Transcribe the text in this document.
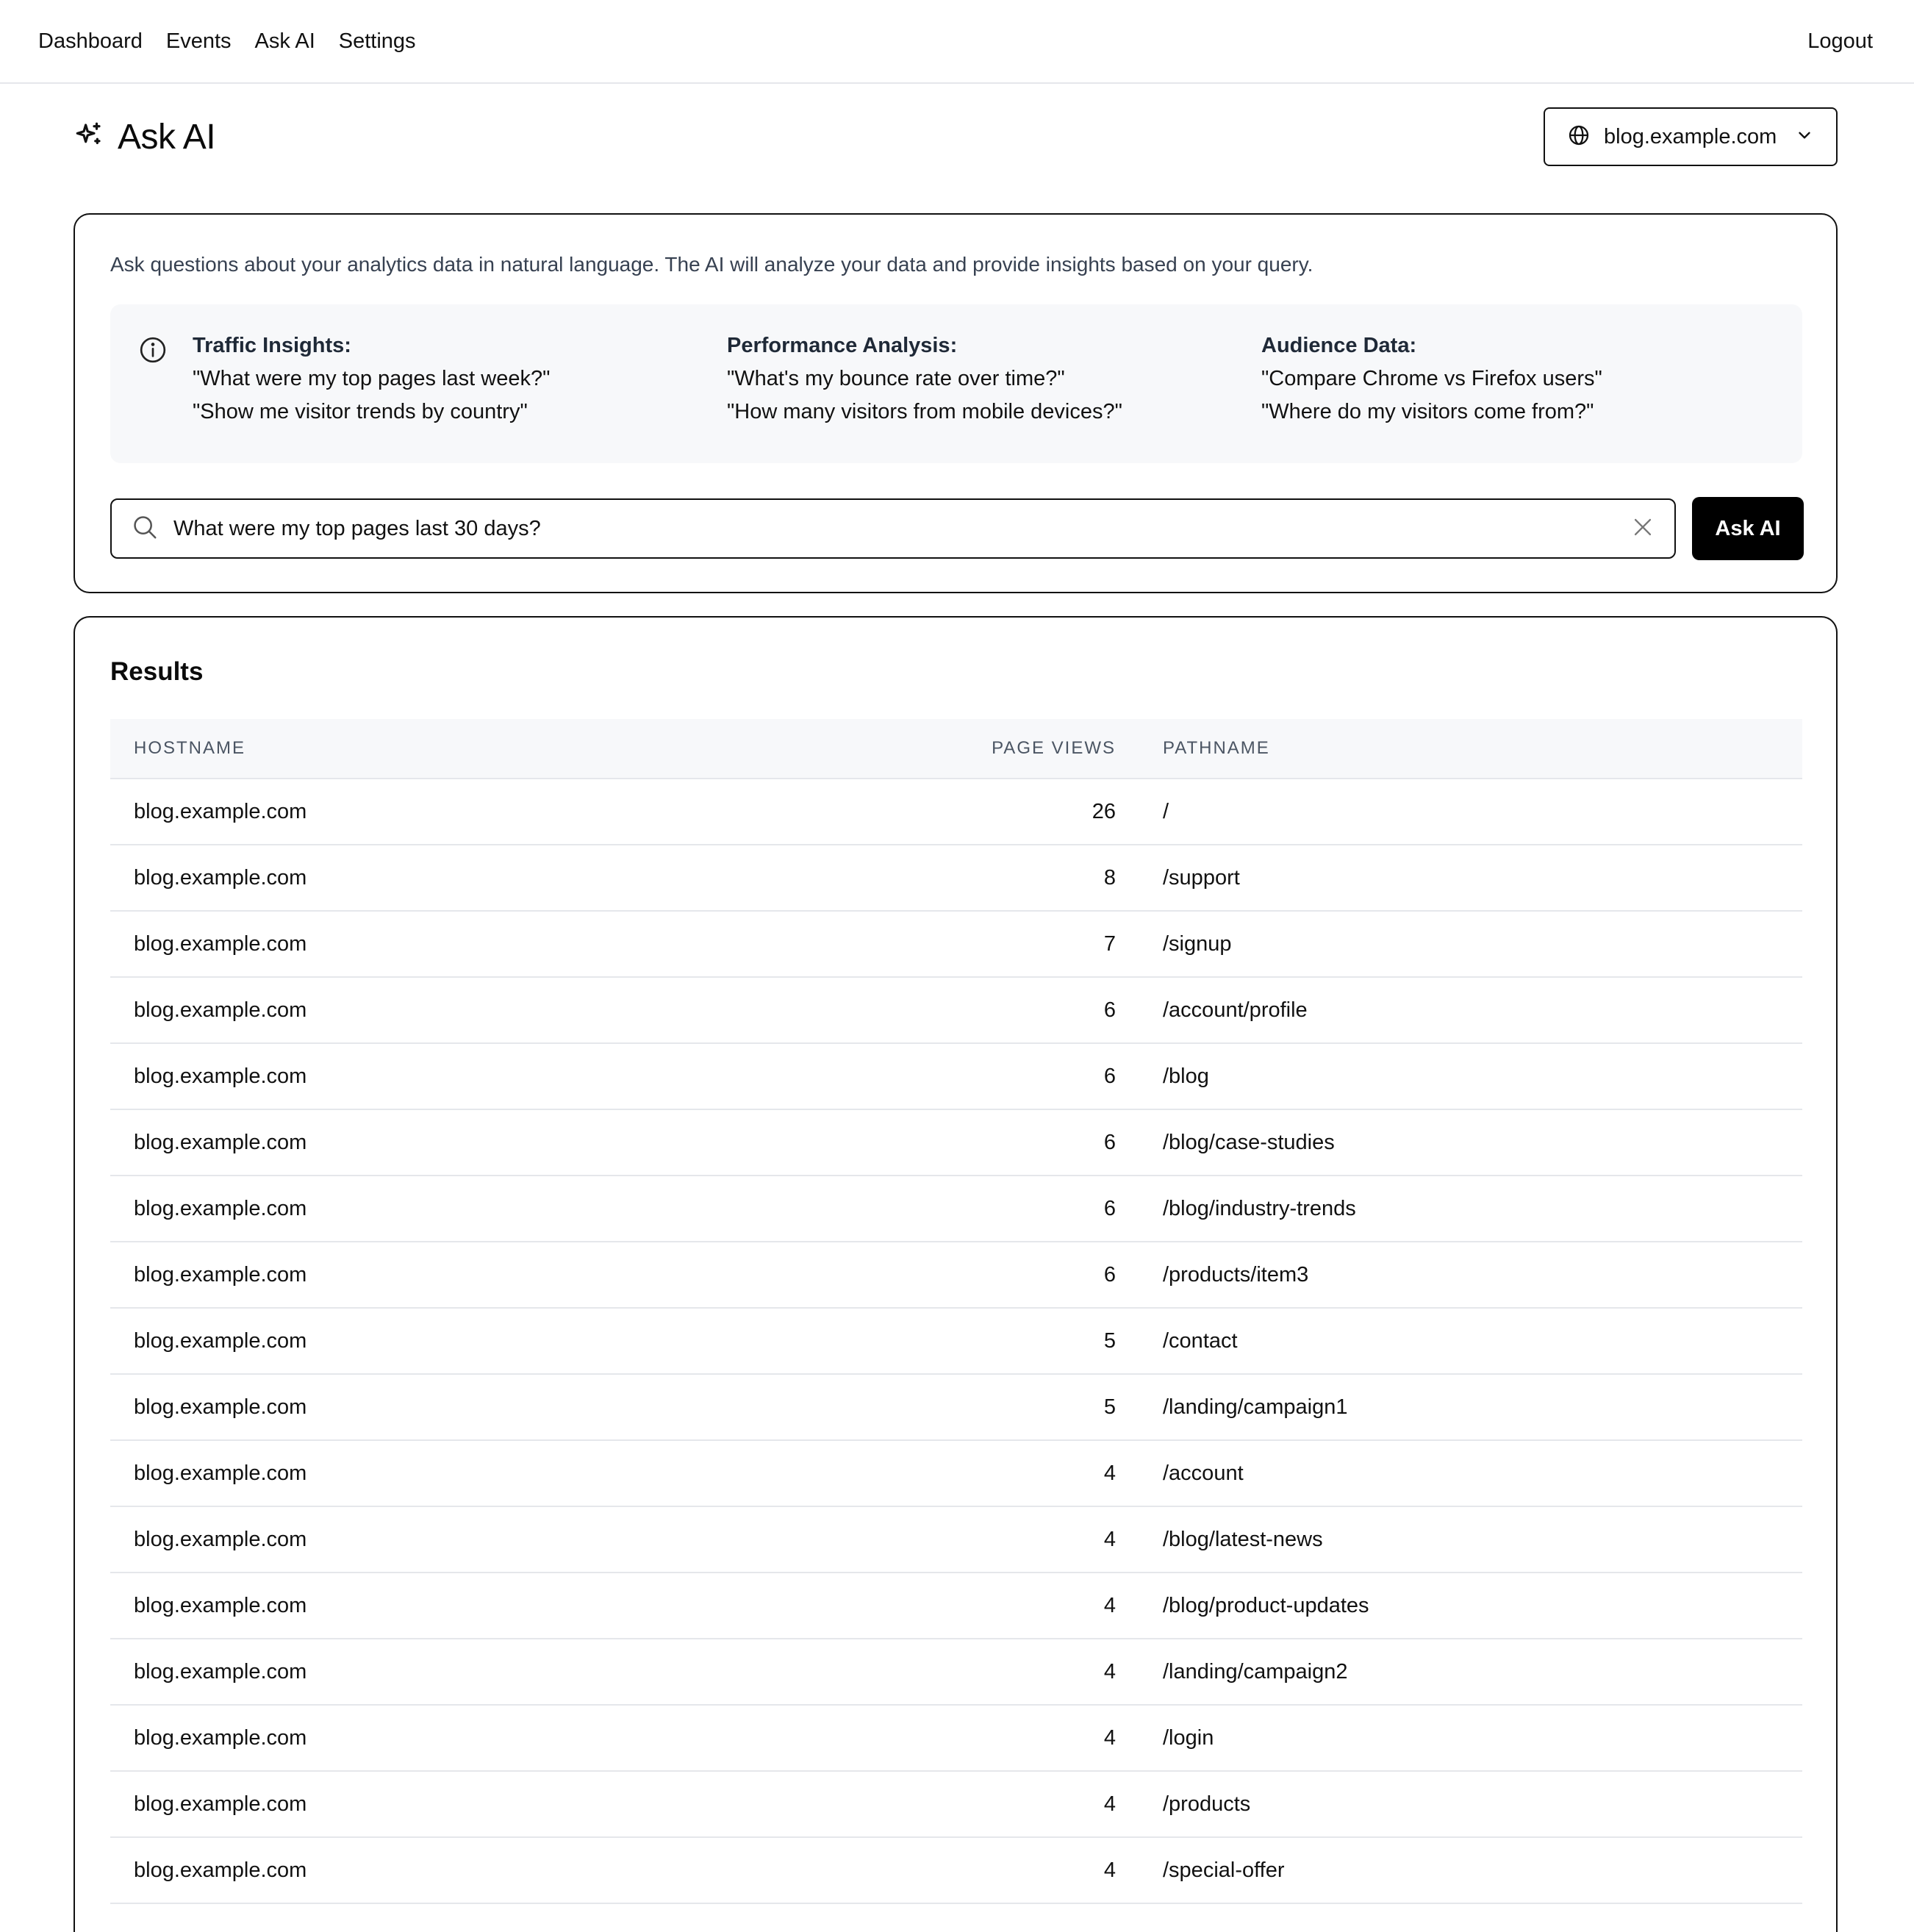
Dashboard Events Ask AI Settings	Logout
Ask AI	blog.example.com

Ask questions about your analytics data in natural language. The AI will analyze your data and provide insights based on your query.

Traffic Insights:
"What were my top pages last week?"
"Show me visitor trends by country"
Performance Analysis:
"What's my bounce rate over time?"
"How many visitors from mobile devices?"
Audience Data:
"Compare Chrome vs Firefox users"
"Where do my visitors come from?"
What were my top pages last 30 days?
Ask AI
Results
HOSTNAME	PAGE VIEWS	PATHNAME
blog.example.com	26	/
blog.example.com	8	/support
blog.example.com	7	/signup
blog.example.com	6	/account/profile
blog.example.com	6	/blog
blog.example.com	6	/blog/case-studies
blog.example.com	6	/blog/industry-trends
blog.example.com	6	/products/item3
blog.example.com	5	/contact
blog.example.com	5	/landing/campaign1
blog.example.com	4	/account
blog.example.com	4	/blog/latest-news
blog.example.com	4	/blog/product-updates
blog.example.com	4	/landing/campaign2
blog.example.com	4	/login
blog.example.com	4	/products
blog.example.com	4	/special-offer
